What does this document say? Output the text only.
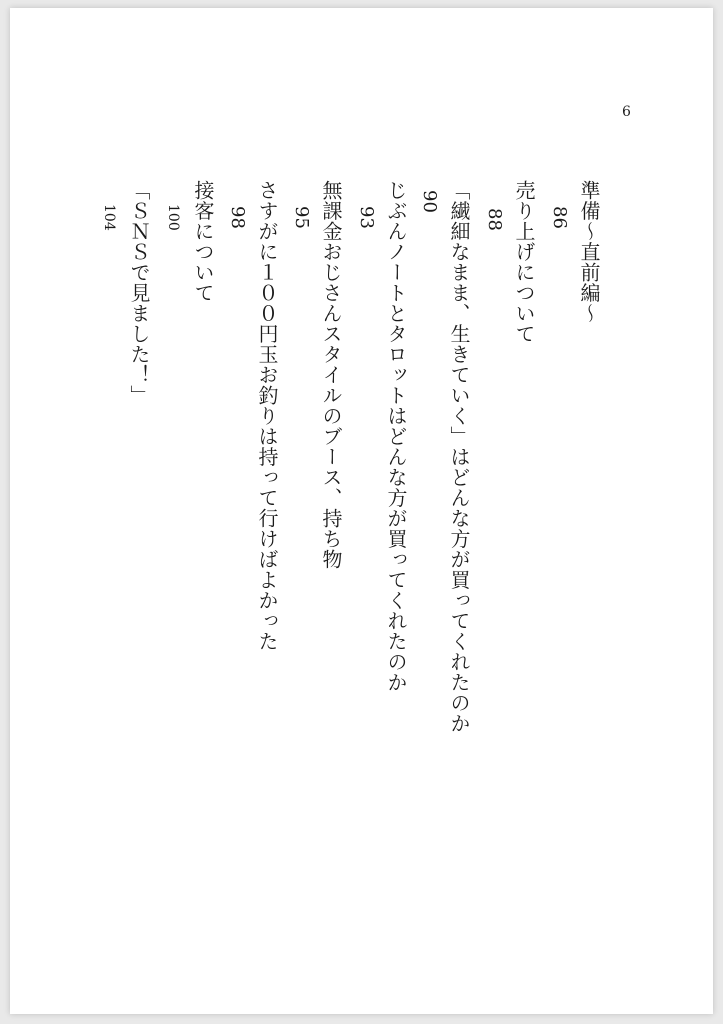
6
準備～直前編～
86
売り上げについて
88
「繊細なまま、生きていく」はどんな方が買ってくれたのか
90
じぶんノートとタロットはどんな方が買ってくれたのか
93
無課金おじさんスタイルのブース、持ち物
95
さすがに１００円玉お釣りは持って行けばよかった
98
接客について
100
「ＳＮＳで見ました！」
104
